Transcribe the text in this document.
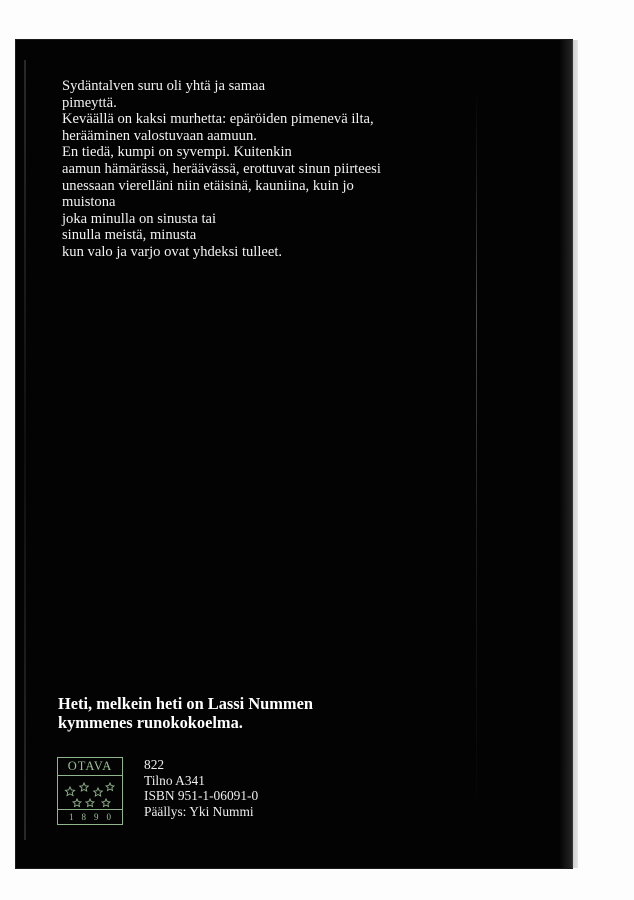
Sydäntalven suru oli yhtä ja samaa
pimeyttä.
Keväällä on kaksi murhetta: epäröiden pimenevä ilta,
herääminen valostuvaan aamuun.
En tiedä, kumpi on syvempi. Kuitenkin
aamun hämärässä, heräävässä, erottuvat sinun piirteesi
unessaan vierelläni niin etäisinä, kauniina, kuin jo
muistona
joka minulla on sinusta tai
sinulla meistä, minusta
kun valo ja varjo ovat yhdeksi tulleet.
Heti, melkein heti on Lassi Nummen
kymmenes runokokoelma.
OTAVA
1890
822
Tilno A341
ISBN 951-1-06091-0
Päällys: Yki Nummi
